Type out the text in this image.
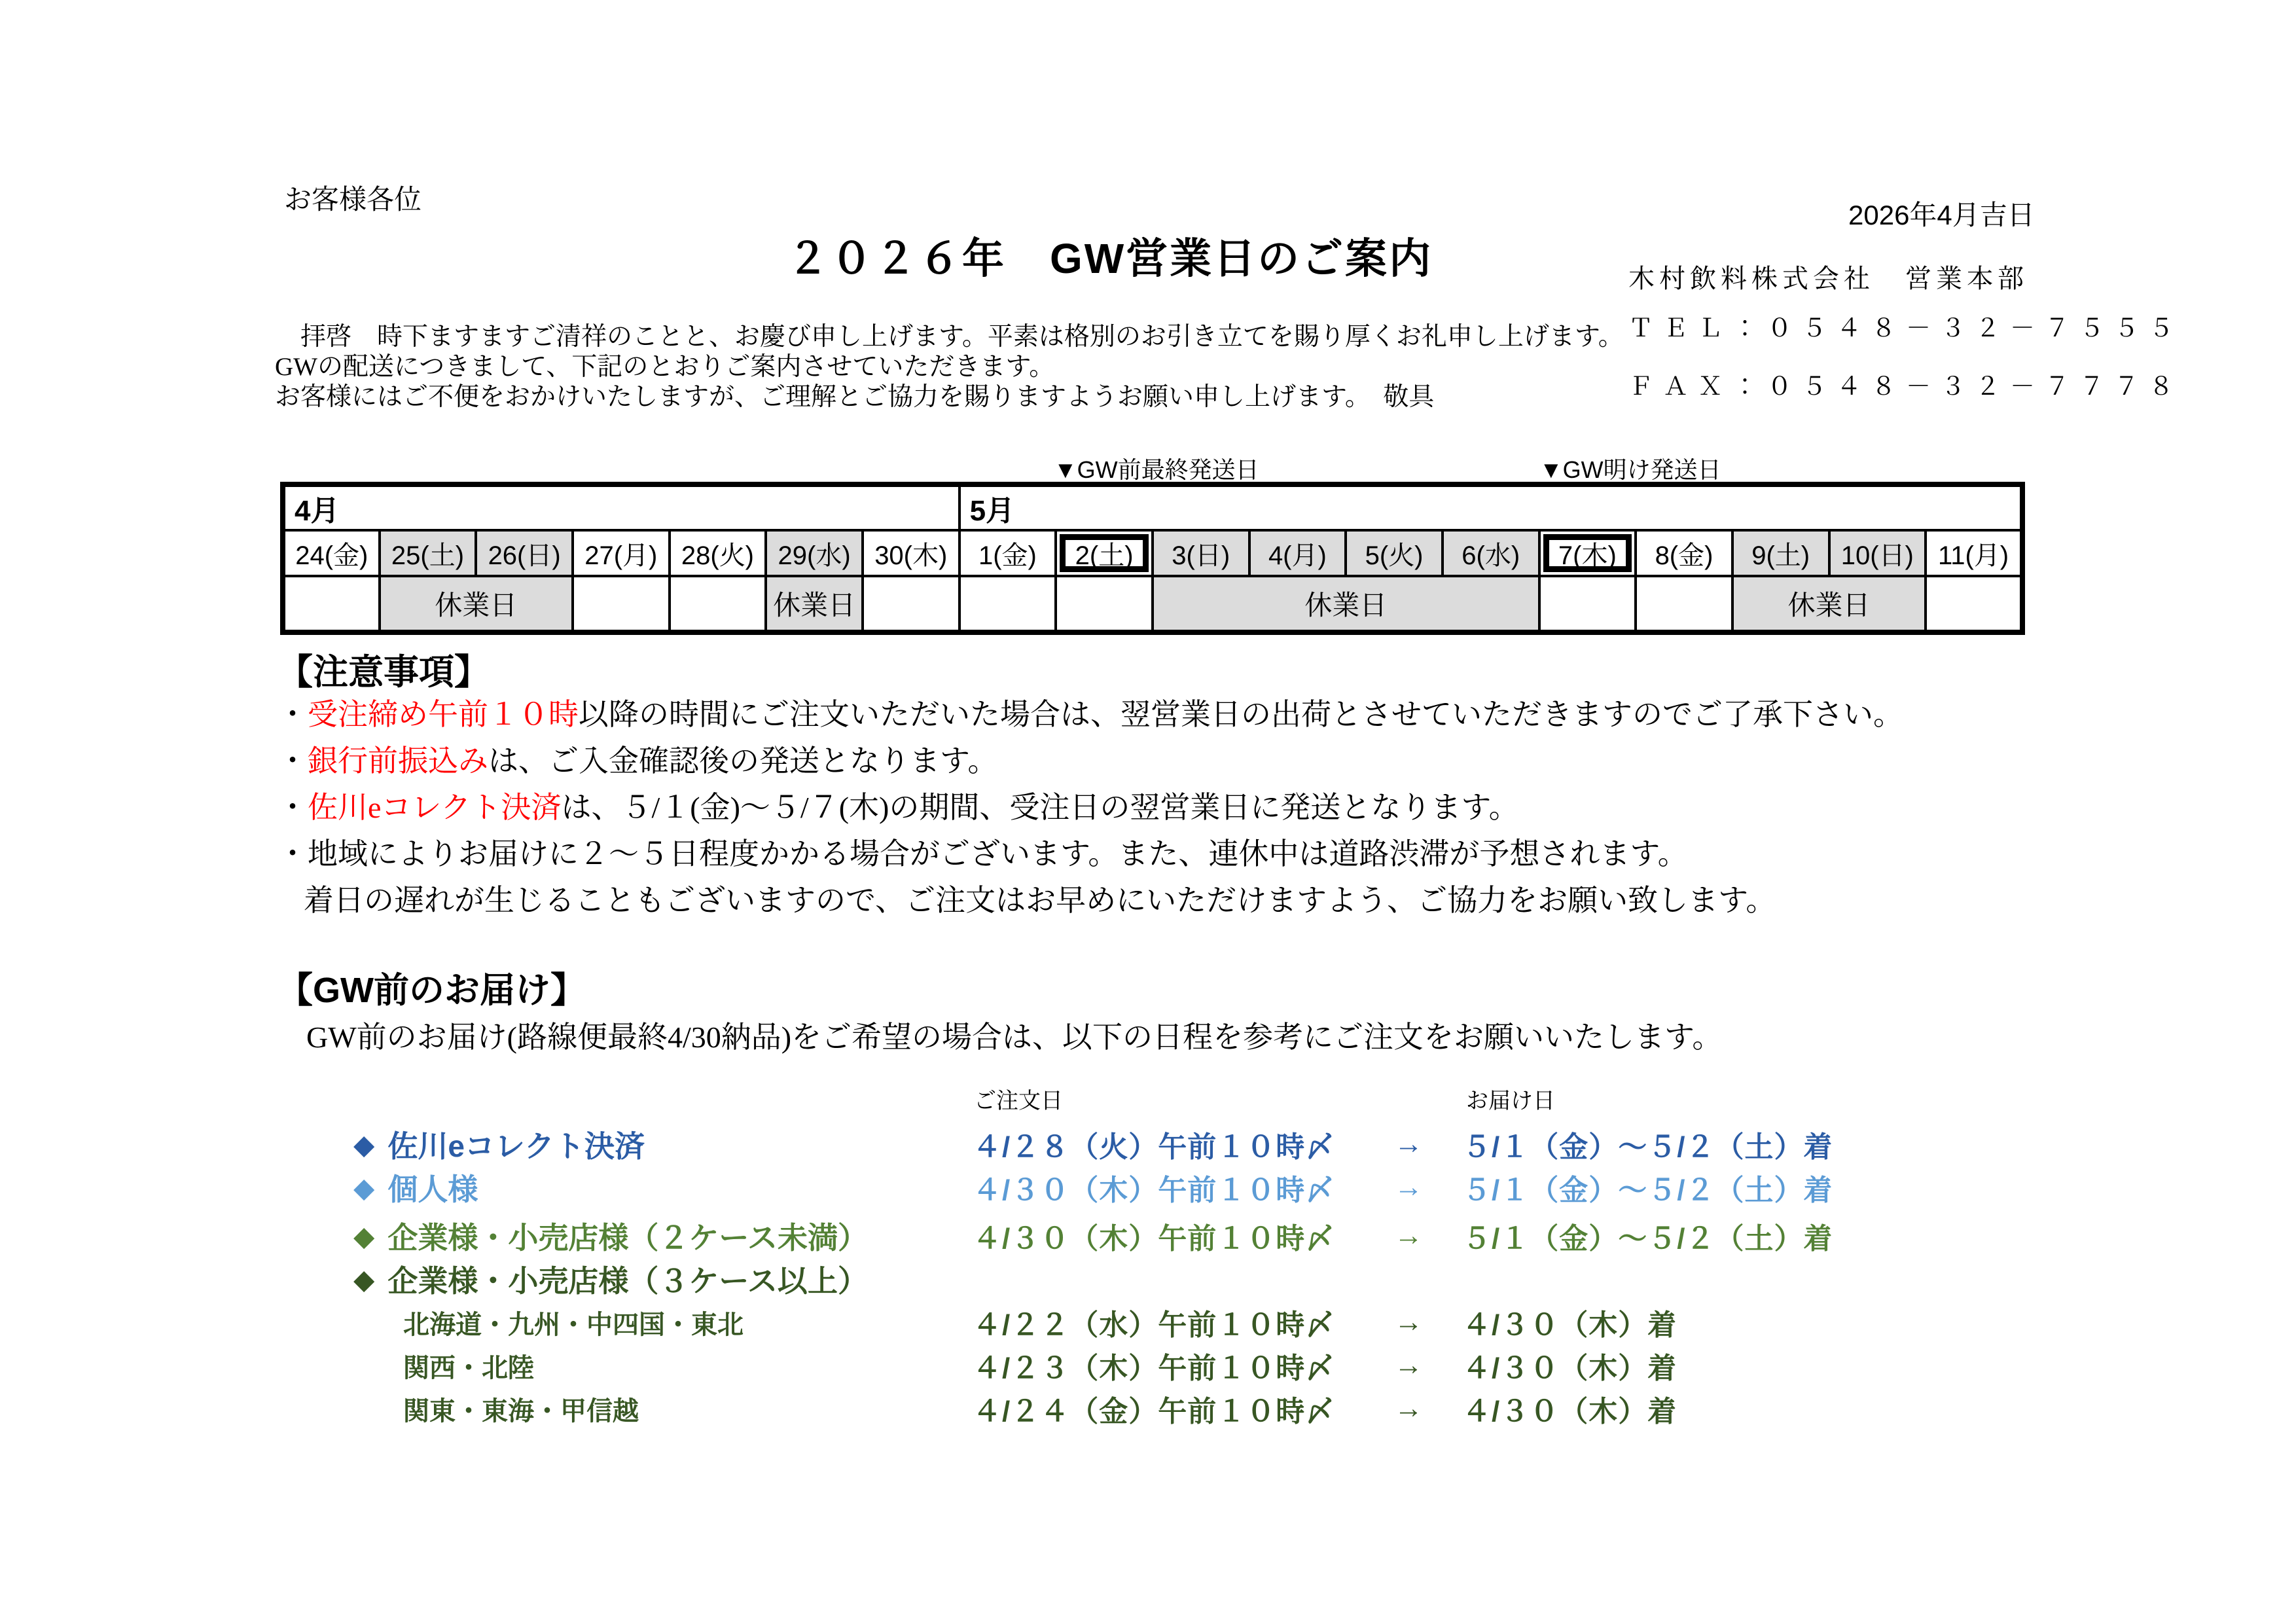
お客様各位
2026年4月吉日
２０２６年　GW営業日のご案内	木村飲料株式会社　営業本部
ＴＥＬ：０５４８－３２－７５５５
ＦＡＸ：０５４８－３２－７７７８
　拝啓　時下ますますご清祥のことと、お慶び申し上げます。平素は格別のお引き立てを賜り厚くお礼申し上げます。
GWの配送につきまして、下記のとおりご案内させていただきます。
お客様にはご不便をおかけいたしますが、ご理解とご協力を賜りますようお願い申し上げます。　敬具
▼GW前最終発送日	▼GW明け発送日
4月							5月										
24(金)	25(土)	26(日)	27(月)	28(火)	29(水)	30(木)	1(金)	2(土)	3(日)	4(月)	5(火)	6(水)	7(木)	8(金)	9(土)	10(日)	11(月)
	休業日				休業日				休業日						休業日		
【注意事項】
・受注締め午前１０時以降の時間にご注文いただいた場合は、翌営業日の出荷とさせていただきますのでご了承下さい。
・銀行前振込みは、ご入金確認後の発送となります。
・佐川eコレクト決済は、５/１(金)～５/７(木)の期間、受注日の翌営業日に発送となります。
・地域によりお届けに２～５日程度かかる場合がございます。また、連休中は道路渋滞が予想されます。
着日の遅れが生じることもございますので、ご注文はお早めにいただけますよう、ご協力をお願い致します。
【GW前のお届け】
GW前のお届け(路線便最終4/30納品)をご希望の場合は、以下の日程を参考にご注文をお願いいたします。
ご注文日	お届け日
◆ 佐川eコレクト決済	４/２８（火）午前１０時〆	→	５/１（金）～５/２（土）着
◆ 個人様	４/３０（木）午前１０時〆	→	５/１（金）～５/２（土）着
◆ 企業様・小売店様（２ケース未満）	４/３０（木）午前１０時〆	→	５/１（金）～５/２（土）着
◆ 企業様・小売店様（３ケース以上）
北海道・九州・中四国・東北	４/２２（水）午前１０時〆	→	４/３０（木）着
関西・北陸	４/２３（木）午前１０時〆	→	４/３０（木）着
関東・東海・甲信越	４/２４（金）午前１０時〆	→	４/３０（木）着
